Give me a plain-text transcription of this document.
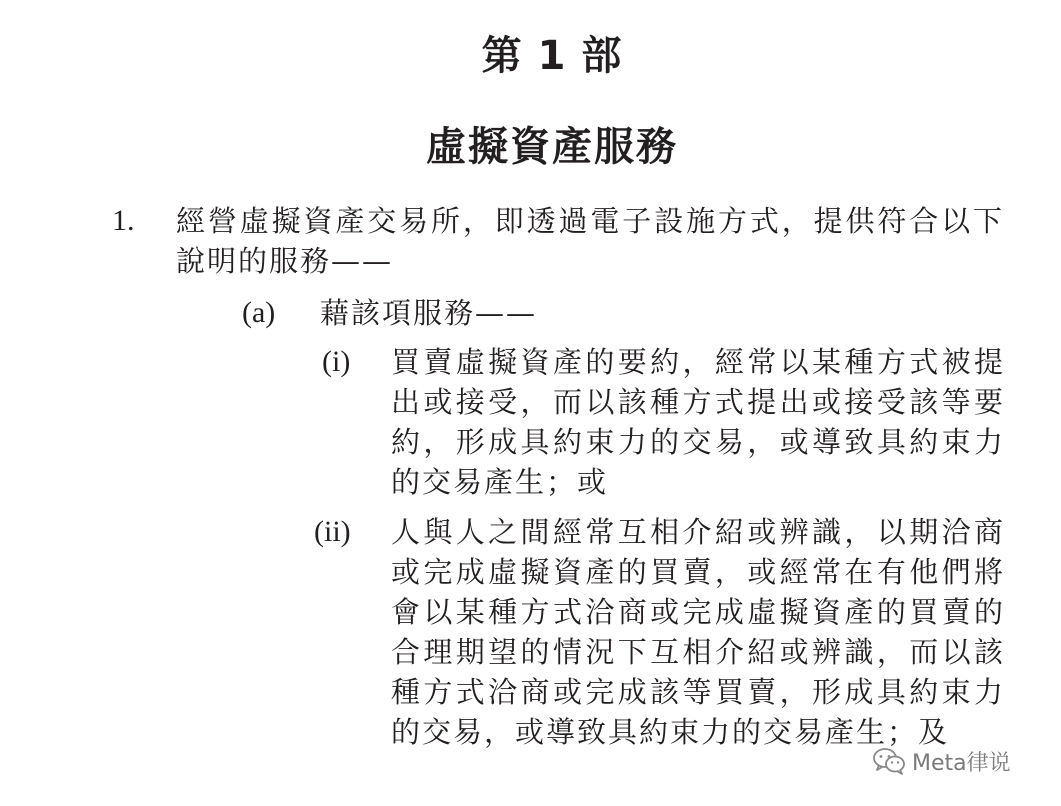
第 1 部
虛擬資產服務
1. 經營虛擬資產交易所，即透過電子設施方式，提供符合以下說明的服務——
(a) 藉該項服務——
(i) 買賣虛擬資產的要約，經常以某種方式被提出或接受，而以該種方式提出或接受該等要約，形成具約束力的交易，或導致具約束力的交易產生；或
(ii) 人與人之間經常互相介紹或辨識，以期洽商或完成虛擬資產的買賣，或經常在有他們將會以某種方式洽商或完成虛擬資產的買賣的合理期望的情況下互相介紹或辨識，而以該種方式洽商或完成該等買賣，形成具約束力的交易，或導致具約束力的交易產生；及
Meta律说
